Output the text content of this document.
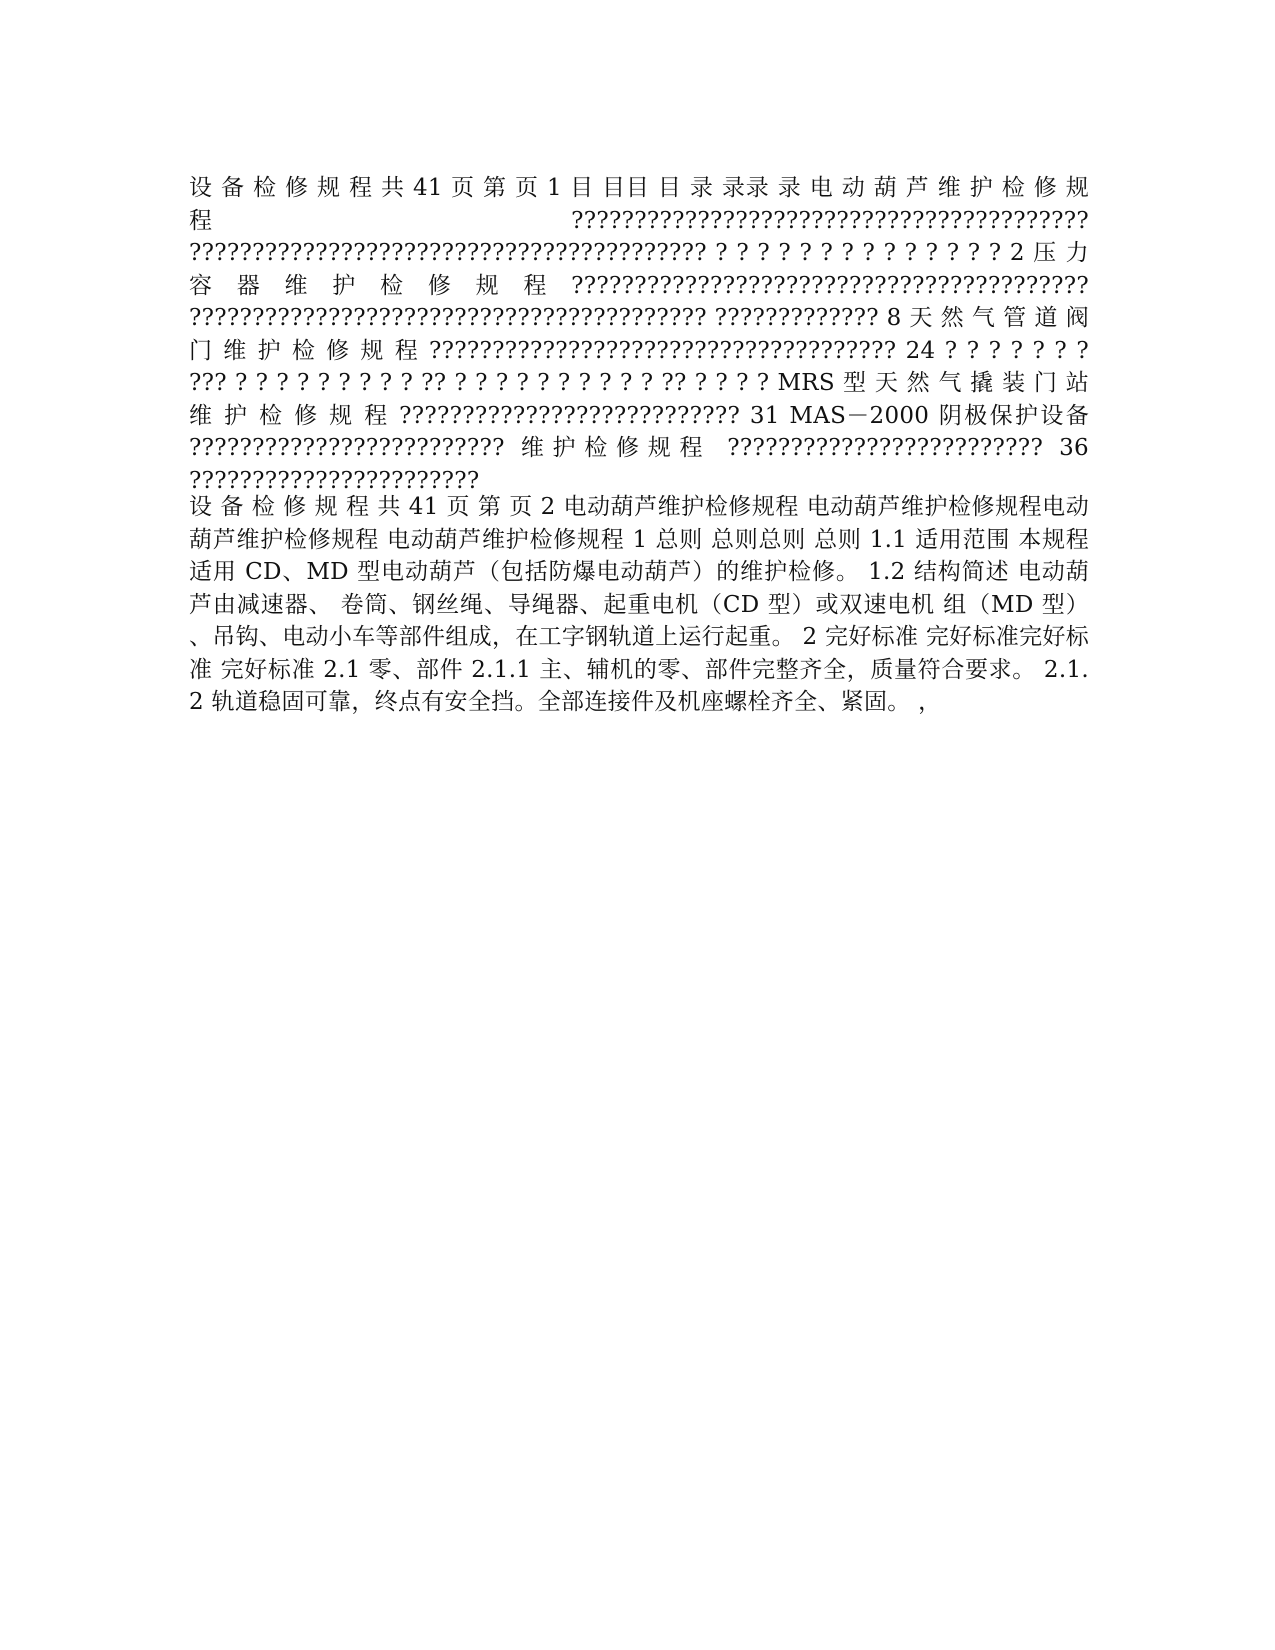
设 备 检 修 规 程 共 41 页 第 页 1 目 目目 目 录 录录 录 电 动 葫 芦 维 护 检 修 规 程 ????????????????????????????????????????? ????????????????????????????????????????? ? ? ? ? ? ? ? ? ? ? ? ? ? ? 2 压 力 容 器 维 护 检 修 规 程 ????????????????????????????????????????? ????????????????????????????????????????? ????????????? 8 天 然 气 管 道 阀 门 维 护 检 修 规 程 ????????????????????????????????????? 24 ? ? ? ? ? ? ? ??? ? ? ? ? ? ? ? ? ? ?? ? ? ? ? ? ? ? ? ? ? ?? ? ? ? ? MRS 型 天 然 气 撬 装 门 站 维 护 检 修 规 程 ??????????????????????????? 31 MAS－2000 阴极保护设备 ????????????????????????? 维护检修规程 ????????????????????????? 36 ???????????????????????

设 备 检 修 规 程 共 41 页 第 页 2 电动葫芦维护检修规程 电动葫芦维护检修规程电动葫芦维护检修规程 电动葫芦维护检修规程 1 总则 总则总则 总则 1.1 适用范围 本规程适用 CD、MD 型电动葫芦（包括防爆电动葫芦）的维护检修。 1.2 结构简述 电动葫芦由减速器、 卷筒、钢丝绳、导绳器、起重电机（CD 型）或双速电机 组（MD 型） 、吊钩、电动小车等部件组成，在工字钢轨道上运行起重。 2 完好标准 完好标准完好标准 完好标准 2.1 零、部件 2.1.1 主、辅机的零、部件完整齐全，质量符合要求。 2.1.2 轨道稳固可靠，终点有安全挡。全部连接件及机座螺栓齐全、紧固。 ，
